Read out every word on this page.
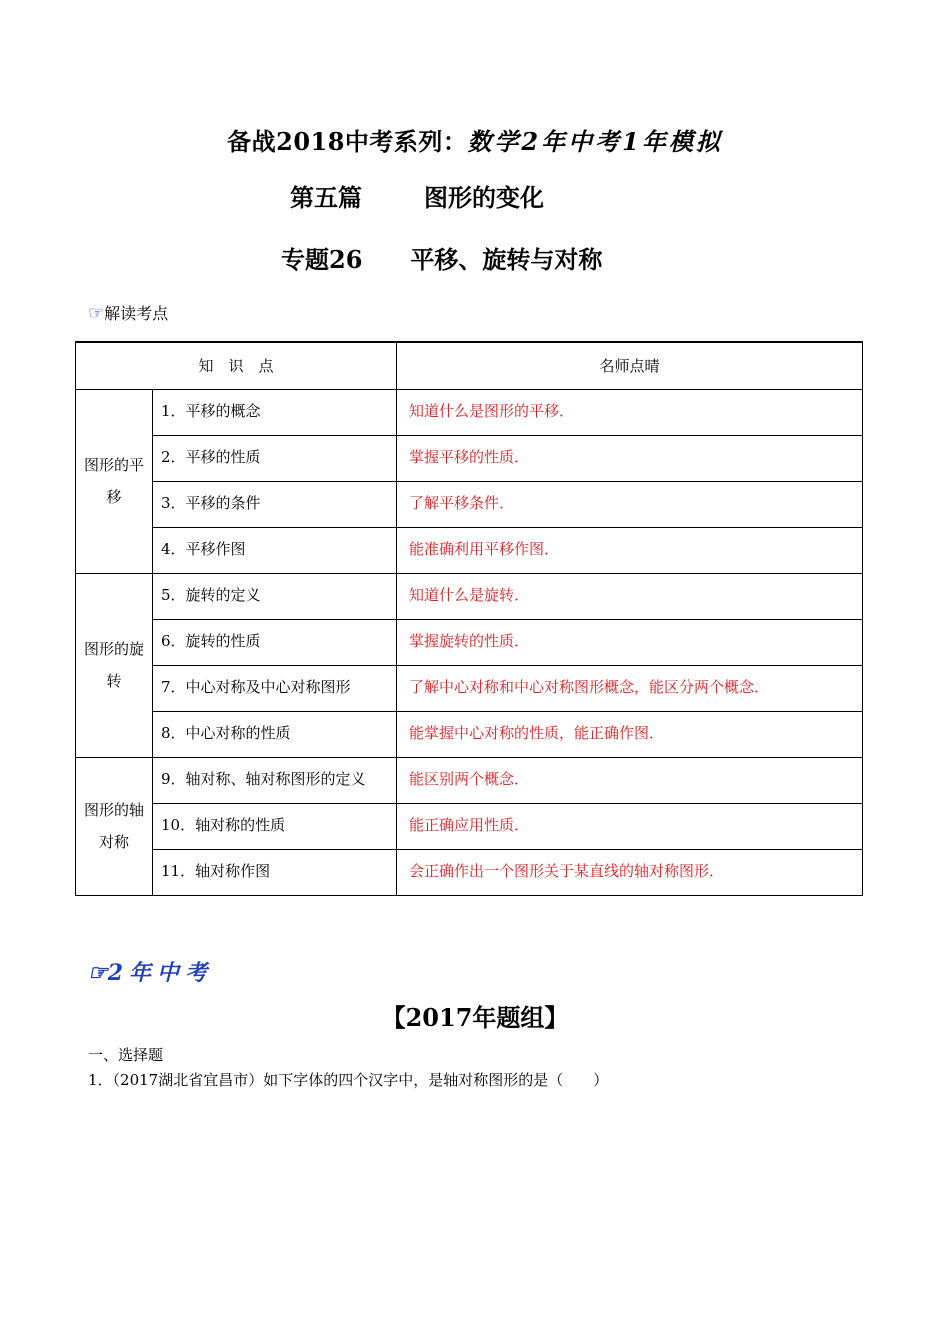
备战2018中考系列：数学2年中考1年模拟
第五篇	图形的变化
专题26 平移、旋转与对称
☞解读考点
知　识　点		名师点晴
图形的平移	1．平移的概念	知道什么是图形的平移．
	2．平移的性质	掌握平移的性质．
	3．平移的条件	了解平移条件．
	4．平移作图	能准确利用平移作图．
图形的旋转	5．旋转的定义	知道什么是旋转．
	6．旋转的性质	掌握旋转的性质．
	7．中心对称及中心对称图形	了解中心对称和中心对称图形概念，能区分两个概念．
	8．中心对称的性质	能掌握中心对称的性质，能正确作图．
图形的轴对称	9．轴对称、轴对称图形的定义	能区别两个概念．
	10．轴对称的性质	能正确应用性质．
	11．轴对称作图	会正确作出一个图形关于某直线的轴对称图形．
☞2年中考
【2017年题组】
一、选择题
1．（2017湖北省宜昌市）如下字体的四个汉字中，是轴对称图形的是（　　）
